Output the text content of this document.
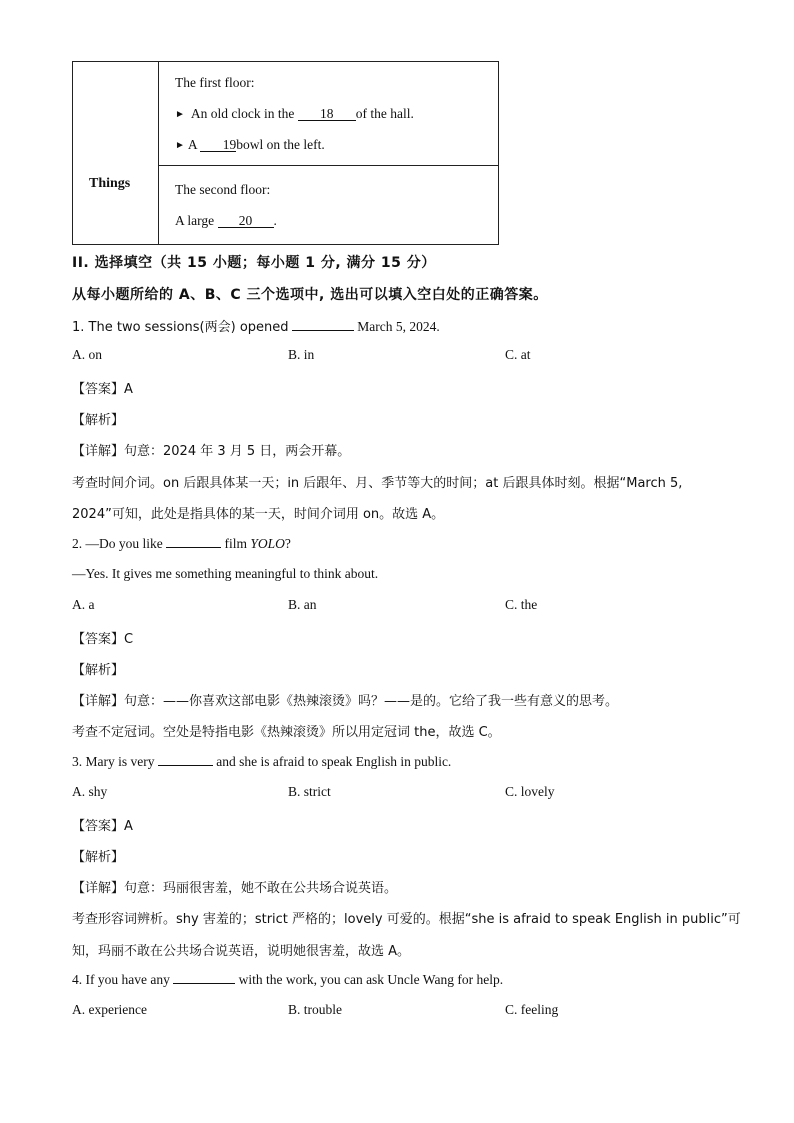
Things
The first floor:
► An old clock in the 18 of the hall.
► A 19bowl on the left.
The second floor:
A large 20 .
II. 选择填空（共 15 小题；每小题 1 分, 满分 15 分）
从每小题所给的 A、B、C 三个选项中, 选出可以填入空白处的正确答案。
1. The two sessions(两会) opened	March 5, 2024.
A. on	B. in	C. at
【答案】A
【解析】
【详解】句意：2024 年 3 月 5 日，两会开幕。
考查时间介词。on 后跟具体某一天；in 后跟年、月、季节等大的时间；at 后跟具体时刻。根据“March 5,
2024”可知，此处是指具体的某一天，时间介词用 on。故选 A。
2. —Do you like	film YOLO?
—Yes. It gives me something meaningful to think about.
A. a	B. an	C. the
【答案】C
【解析】
【详解】句意：——你喜欢这部电影《热辣滚烫》吗？——是的。它给了我一些有意义的思考。
考查不定冠词。空处是特指电影《热辣滚烫》所以用定冠词 the，故选 C。
3. Mary is very	and she is afraid to speak English in public.
A. shy	B. strict	C. lovely
【答案】A
【解析】
【详解】句意：玛丽很害羞，她不敢在公共场合说英语。
考查形容词辨析。shy 害羞的；strict 严格的；lovely 可爱的。根据“she is afraid to speak English in public”可
知，玛丽不敢在公共场合说英语，说明她很害羞，故选 A。
4. If you have any	with the work, you can ask Uncle Wang for help.
A. experience	B. trouble	C. feeling
